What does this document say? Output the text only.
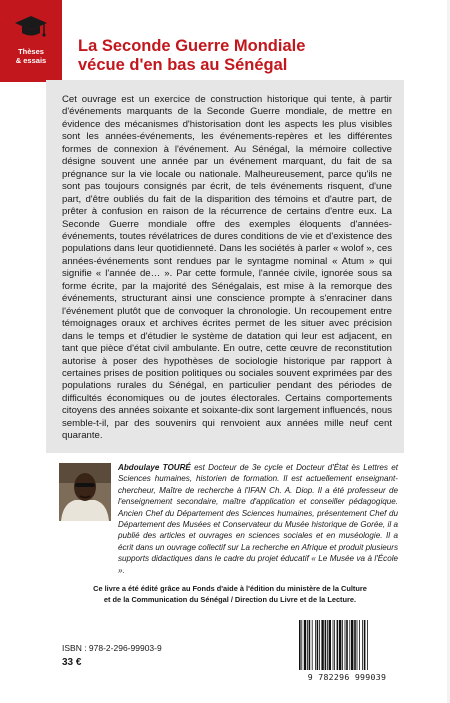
Thèses
& essais
La Seconde Guerre Mondiale
vécue d'en bas au Sénégal

Cet ouvrage est un exercice de construction historique qui tente, à partir d'événements marquants de la Seconde Guerre mondiale, de mettre en évidence des mécanismes d'historisation dont les aspects les plus visibles sont les années-événements, les événements-repères et les différentes formes de connexion à l'événement. Au Sénégal, la mémoire collective désigne souvent une année par un événement marquant, du fait de sa prégnance sur la vie locale ou nationale. Malheureusement, parce qu'ils ne sont pas toujours consignés par écrit, de tels événements risquent, d'une part, d'être oubliés du fait de la disparition des témoins et d'autre part, de prêter à confusion en raison de la récurrence de certains d'entre eux. La Seconde Guerre mondiale offre des exemples éloquents d'années-événements, toutes révélatrices de dures conditions de vie et d'existence des populations dans leur quotidienneté. Dans les sociétés à parler « wolof », ces années-événements sont rendues par le syntagme nominal « Atum » qui signifie « l'année de… ». Par cette formule, l'année civile, ignorée sous sa forme écrite, par la majorité des Sénégalais, est mise à la remorque des événements, structurant ainsi une conscience prompte à s'enraciner dans l'événement plutôt que de convoquer la chronologie. Un recoupement entre témoignages oraux et archives écrites permet de les situer avec précision dans le temps et d'étudier le système de datation qui leur est adjacent, en tant que pièce d'état civil ambulante. En outre, cette œuvre de reconstitution autorise à poser des hypothèses de sociologie historique par rapport à certaines prises de position politiques ou sociales souvent exprimées par des populations rurales du Sénégal, en particulier pendant des périodes de difficultés économiques ou de joutes électorales. Certains comportements citoyens des années soixante et soixante-dix sont largement influencés, nous semble-t-il, par des souvenirs qui renvoient aux années mille neuf cent quarante.

Abdoulaye TOURÉ est Docteur de 3e cycle et Docteur d'État ès Lettres et Sciences humaines, historien de formation. Il est actuellement enseignant-chercheur, Maître de recherche à l'IFAN Ch. A. Diop. Il a été professeur de l'enseignement secondaire, maître d'application et conseiller pédagogique. Ancien Chef du Département des Sciences humaines, présentement Chef du Département des Musées et Conservateur du Musée historique de Gorée, il a publié des articles et ouvrages en sciences sociales et en muséologie. Il a écrit dans un ouvrage collectif sur La recherche en Afrique et produit plusieurs supports didactiques dans le cadre du projet éducatif « Le Musée va à l'École ».

Ce livre a été édité grâce au Fonds d'aide à l'édition du ministère de la Culture
et de la Communication du Sénégal / Direction du Livre et de la Lecture.
ISBN : 978-2-296-99903-9
33 €
9 782296 999039
